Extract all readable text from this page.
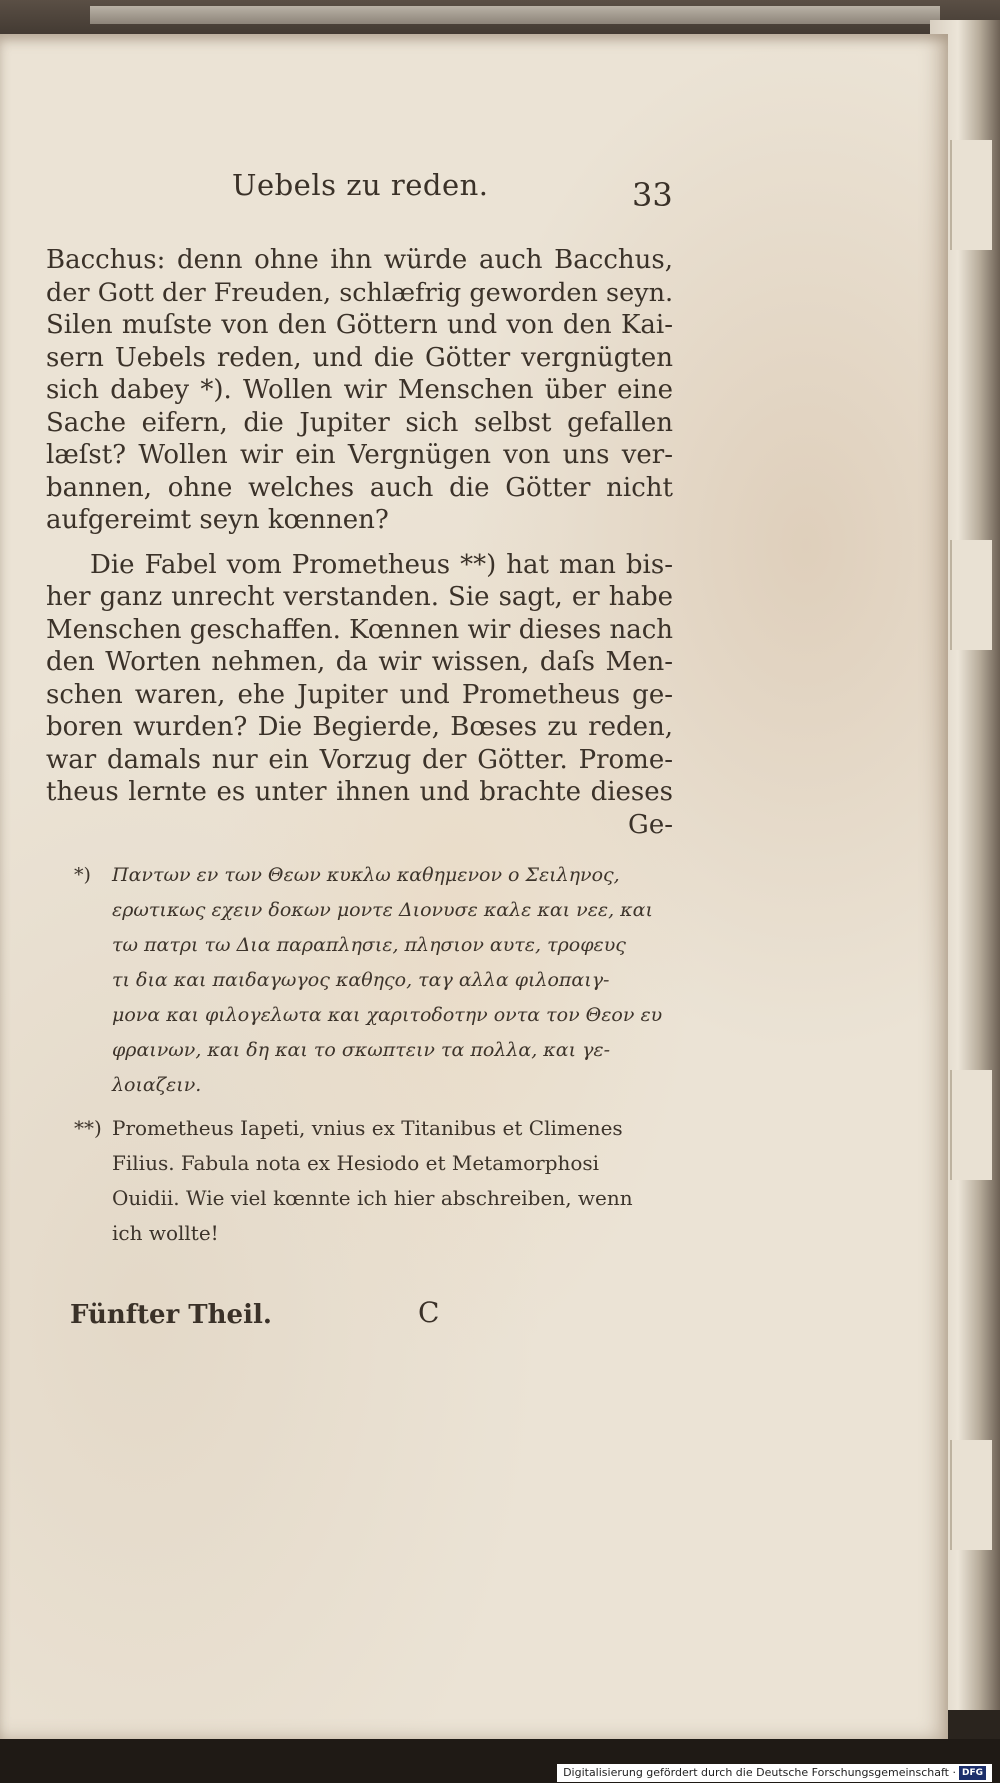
Uebels zu reden.	33
Bacchus: denn ohne ihn würde auch Bacchus,
der Gott der Freuden, schlæfrig geworden seyn.
Silen muſste von den Göttern und von den Kai-
sern Uebels reden, und die Götter vergnügten
sich dabey *). Wollen wir Menschen über eine
Sache eifern, die Jupiter sich selbst gefallen
læſst? Wollen wir ein Vergnügen von uns ver-
bannen, ohne welches auch die Götter nicht
aufgereimt seyn kœnnen?
Die Fabel vom Prometheus **) hat man bis-
her ganz unrecht verstanden. Sie sagt, er habe
Menschen geschaffen. Kœnnen wir dieses nach
den Worten nehmen, da wir wissen, daſs Men-
schen waren, ehe Jupiter und Prometheus ge-
boren wurden? Die Begierde, Bœses zu reden,
war damals nur ein Vorzug der Götter. Prome-
theus lernte es unter ihnen und brachte dieses
Ge-
*) Παντων εν των Θεων κυκλω καθημενον ο Σειληνος,
ερωτικως εχειν δοκων μοντε Διονυσε καλε και νεε, και
τω πατρι τω Δια παραπλησιε, πλησιον αυτε, τροφευς
τι δια και παιδαγωγος καθηςο, ταγ αλλα φιλοπαιγ-
μονα και φιλογελωτα και χαριτοδοτην οντα τον Θεον ευ
φραινων, και δη και το σκωπτειν τα πολλα, και γε-
λοιαζειν.
**) Prometheus Iapeti, vnius ex Titanibus et Climenes
Filius. Fabula nota ex Hesiodo et Metamorphosi
Ouidii. Wie viel kœnnte ich hier abschreiben, wenn
ich wollte!
Fünfter Theil.	C
Digitalisierung gefördert durch die Deutsche Forschungsgemeinschaft · DFG
